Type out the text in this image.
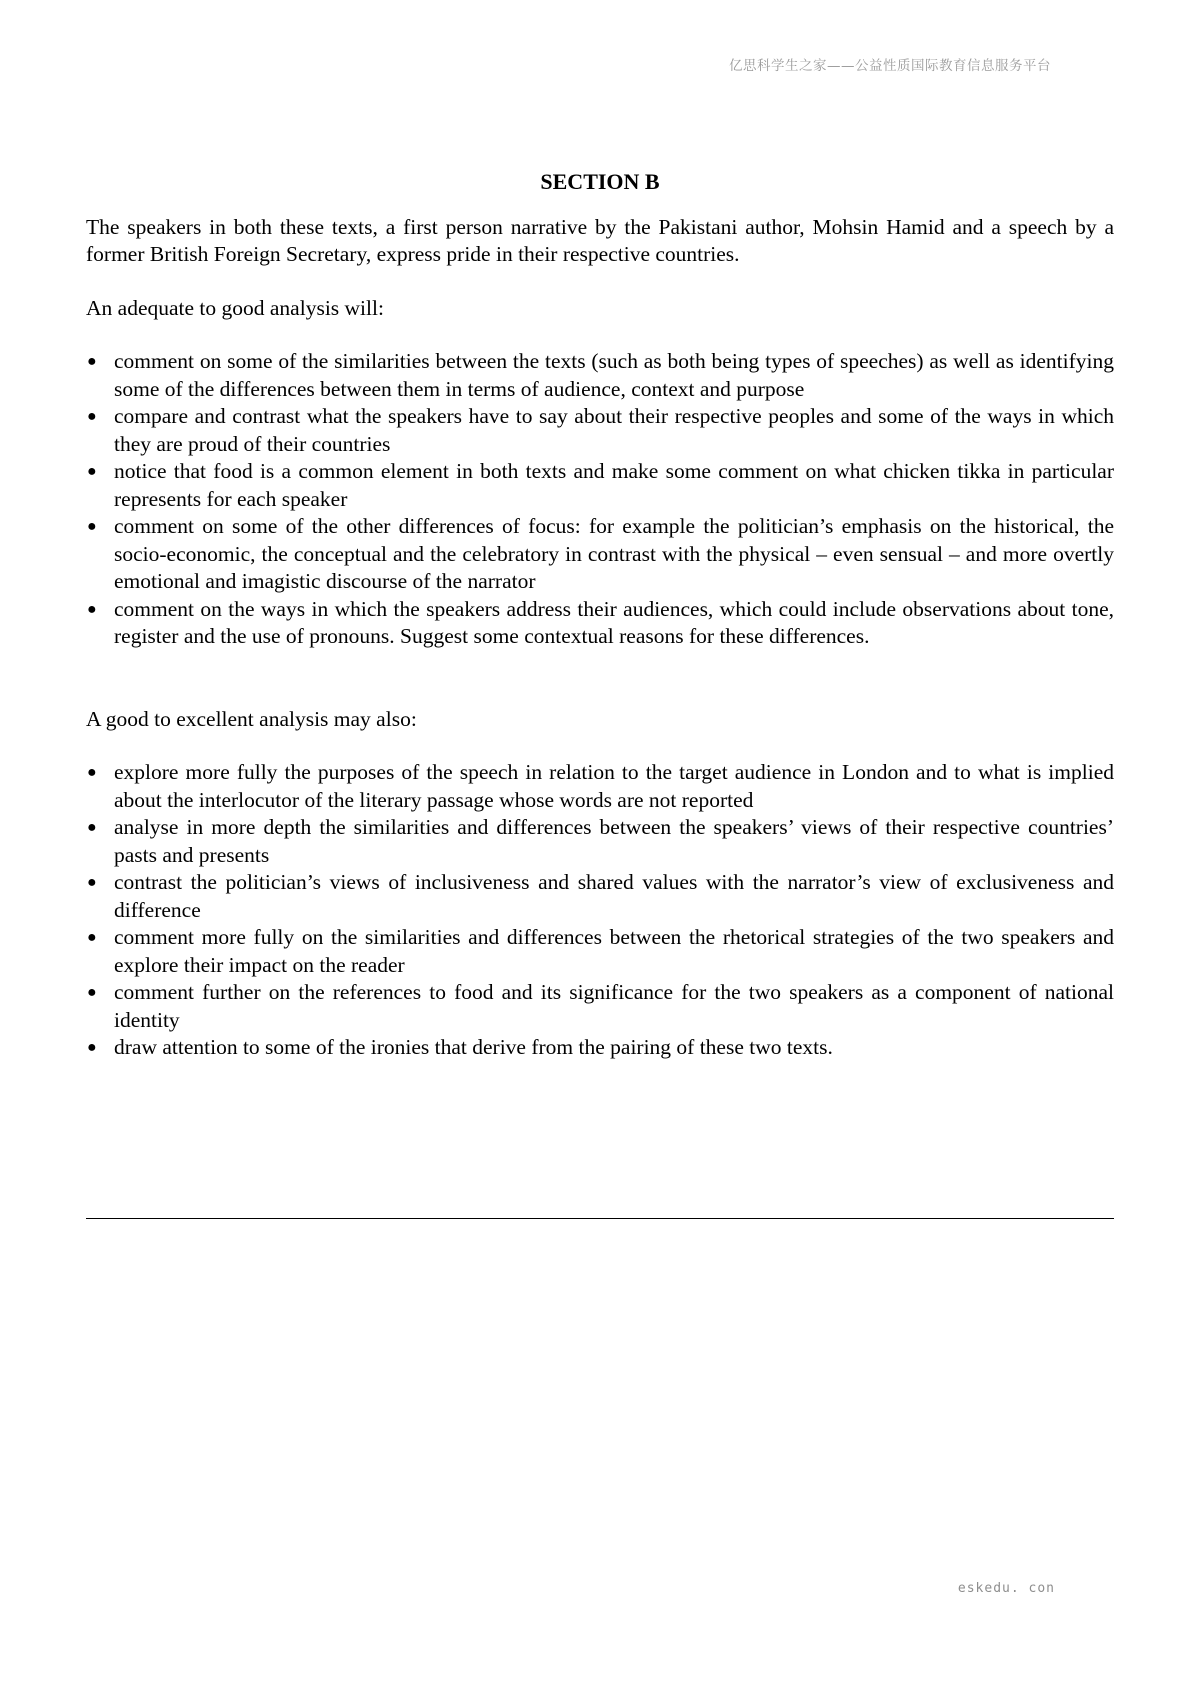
亿思科学生之家——公益性质国际教育信息服务平台
SECTION B

The speakers in both these texts, a first person narrative by the Pakistani author, Mohsin Hamid and a speech by a former British Foreign Secretary, express pride in their respective countries.

An adequate to good analysis will:

● comment on some of the similarities between the texts (such as both being types of speeches) as well as identifying some of the differences between them in terms of audience, context and purpose
● compare and contrast what the speakers have to say about their respective peoples and some of the ways in which they are proud of their countries
● notice that food is a common element in both texts and make some comment on what chicken tikka in particular represents for each speaker
● comment on some of the other differences of focus: for example the politician’s emphasis on the historical, the socio-economic, the conceptual and the celebratory in contrast with the physical – even sensual – and more overtly emotional and imagistic discourse of the narrator
● comment on the ways in which the speakers address their audiences, which could include observations about tone, register and the use of pronouns. Suggest some contextual reasons for these differences.

A good to excellent analysis may also:

● explore more fully the purposes of the speech in relation to the target audience in London and to what is implied about the interlocutor of the literary passage whose words are not reported
● analyse in more depth the similarities and differences between the speakers’ views of their respective countries’ pasts and presents
● contrast the politician’s views of inclusiveness and shared values with the narrator’s view of exclusiveness and difference
● comment more fully on the similarities and differences between the rhetorical strategies of the two speakers and explore their impact on the reader
● comment further on the references to food and its significance for the two speakers as a component of national identity
● draw attention to some of the ironies that derive from the pairing of these two texts.
eskedu. con
